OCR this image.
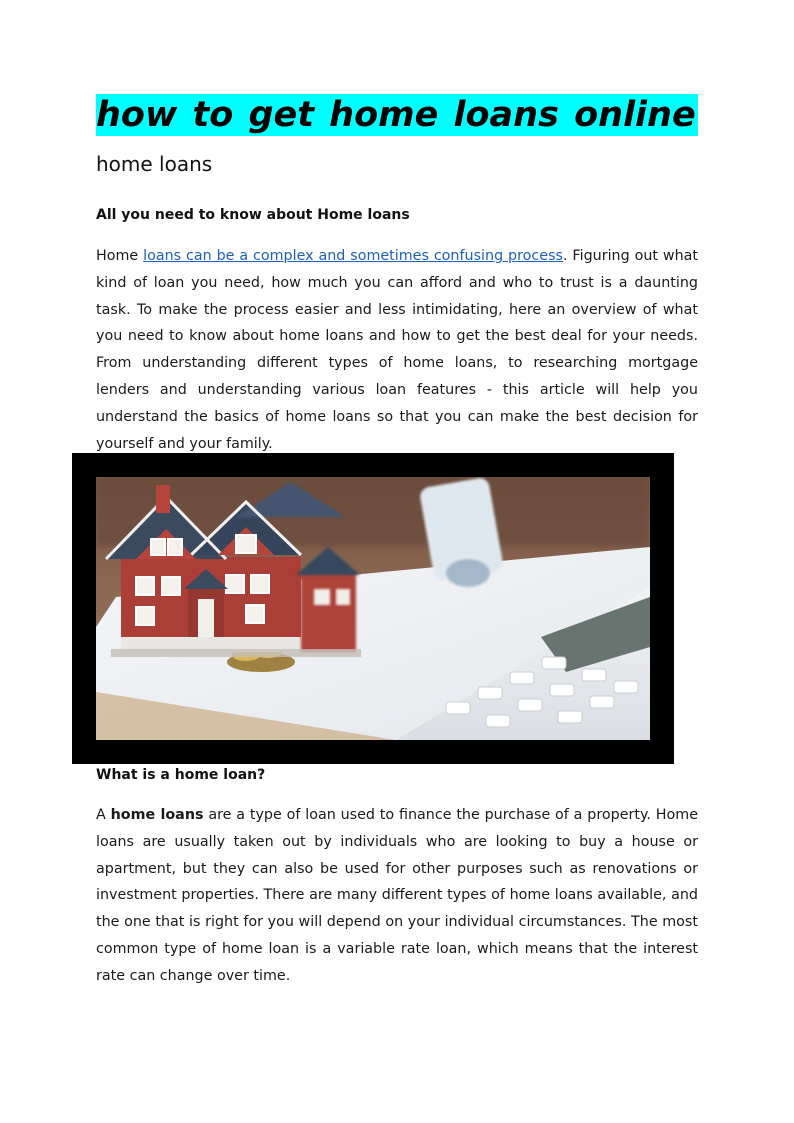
how to get home loans online
home loans
All you need to know about Home loans

Home loans can be a complex and sometimes confusing process. Figuring out what kind of loan you need, how much you can afford and who to trust is a daunting task. To make the process easier and less intimidating, here an overview of what you need to know about home loans and how to get the best deal for your needs. From understanding different types of home loans, to researching mortgage lenders and understanding various loan features - this article will help you understand the basics of home loans so that you can make the best decision for yourself and your family.

What is a home loan?

A home loans are a type of loan used to finance the purchase of a property. Home loans are usually taken out by individuals who are looking to buy a house or apartment, but they can also be used for other purposes such as renovations or investment properties. There are many different types of home loans available, and the one that is right for you will depend on your individual circumstances. The most common type of home loan is a variable rate loan, which means that the interest rate can change over time.
